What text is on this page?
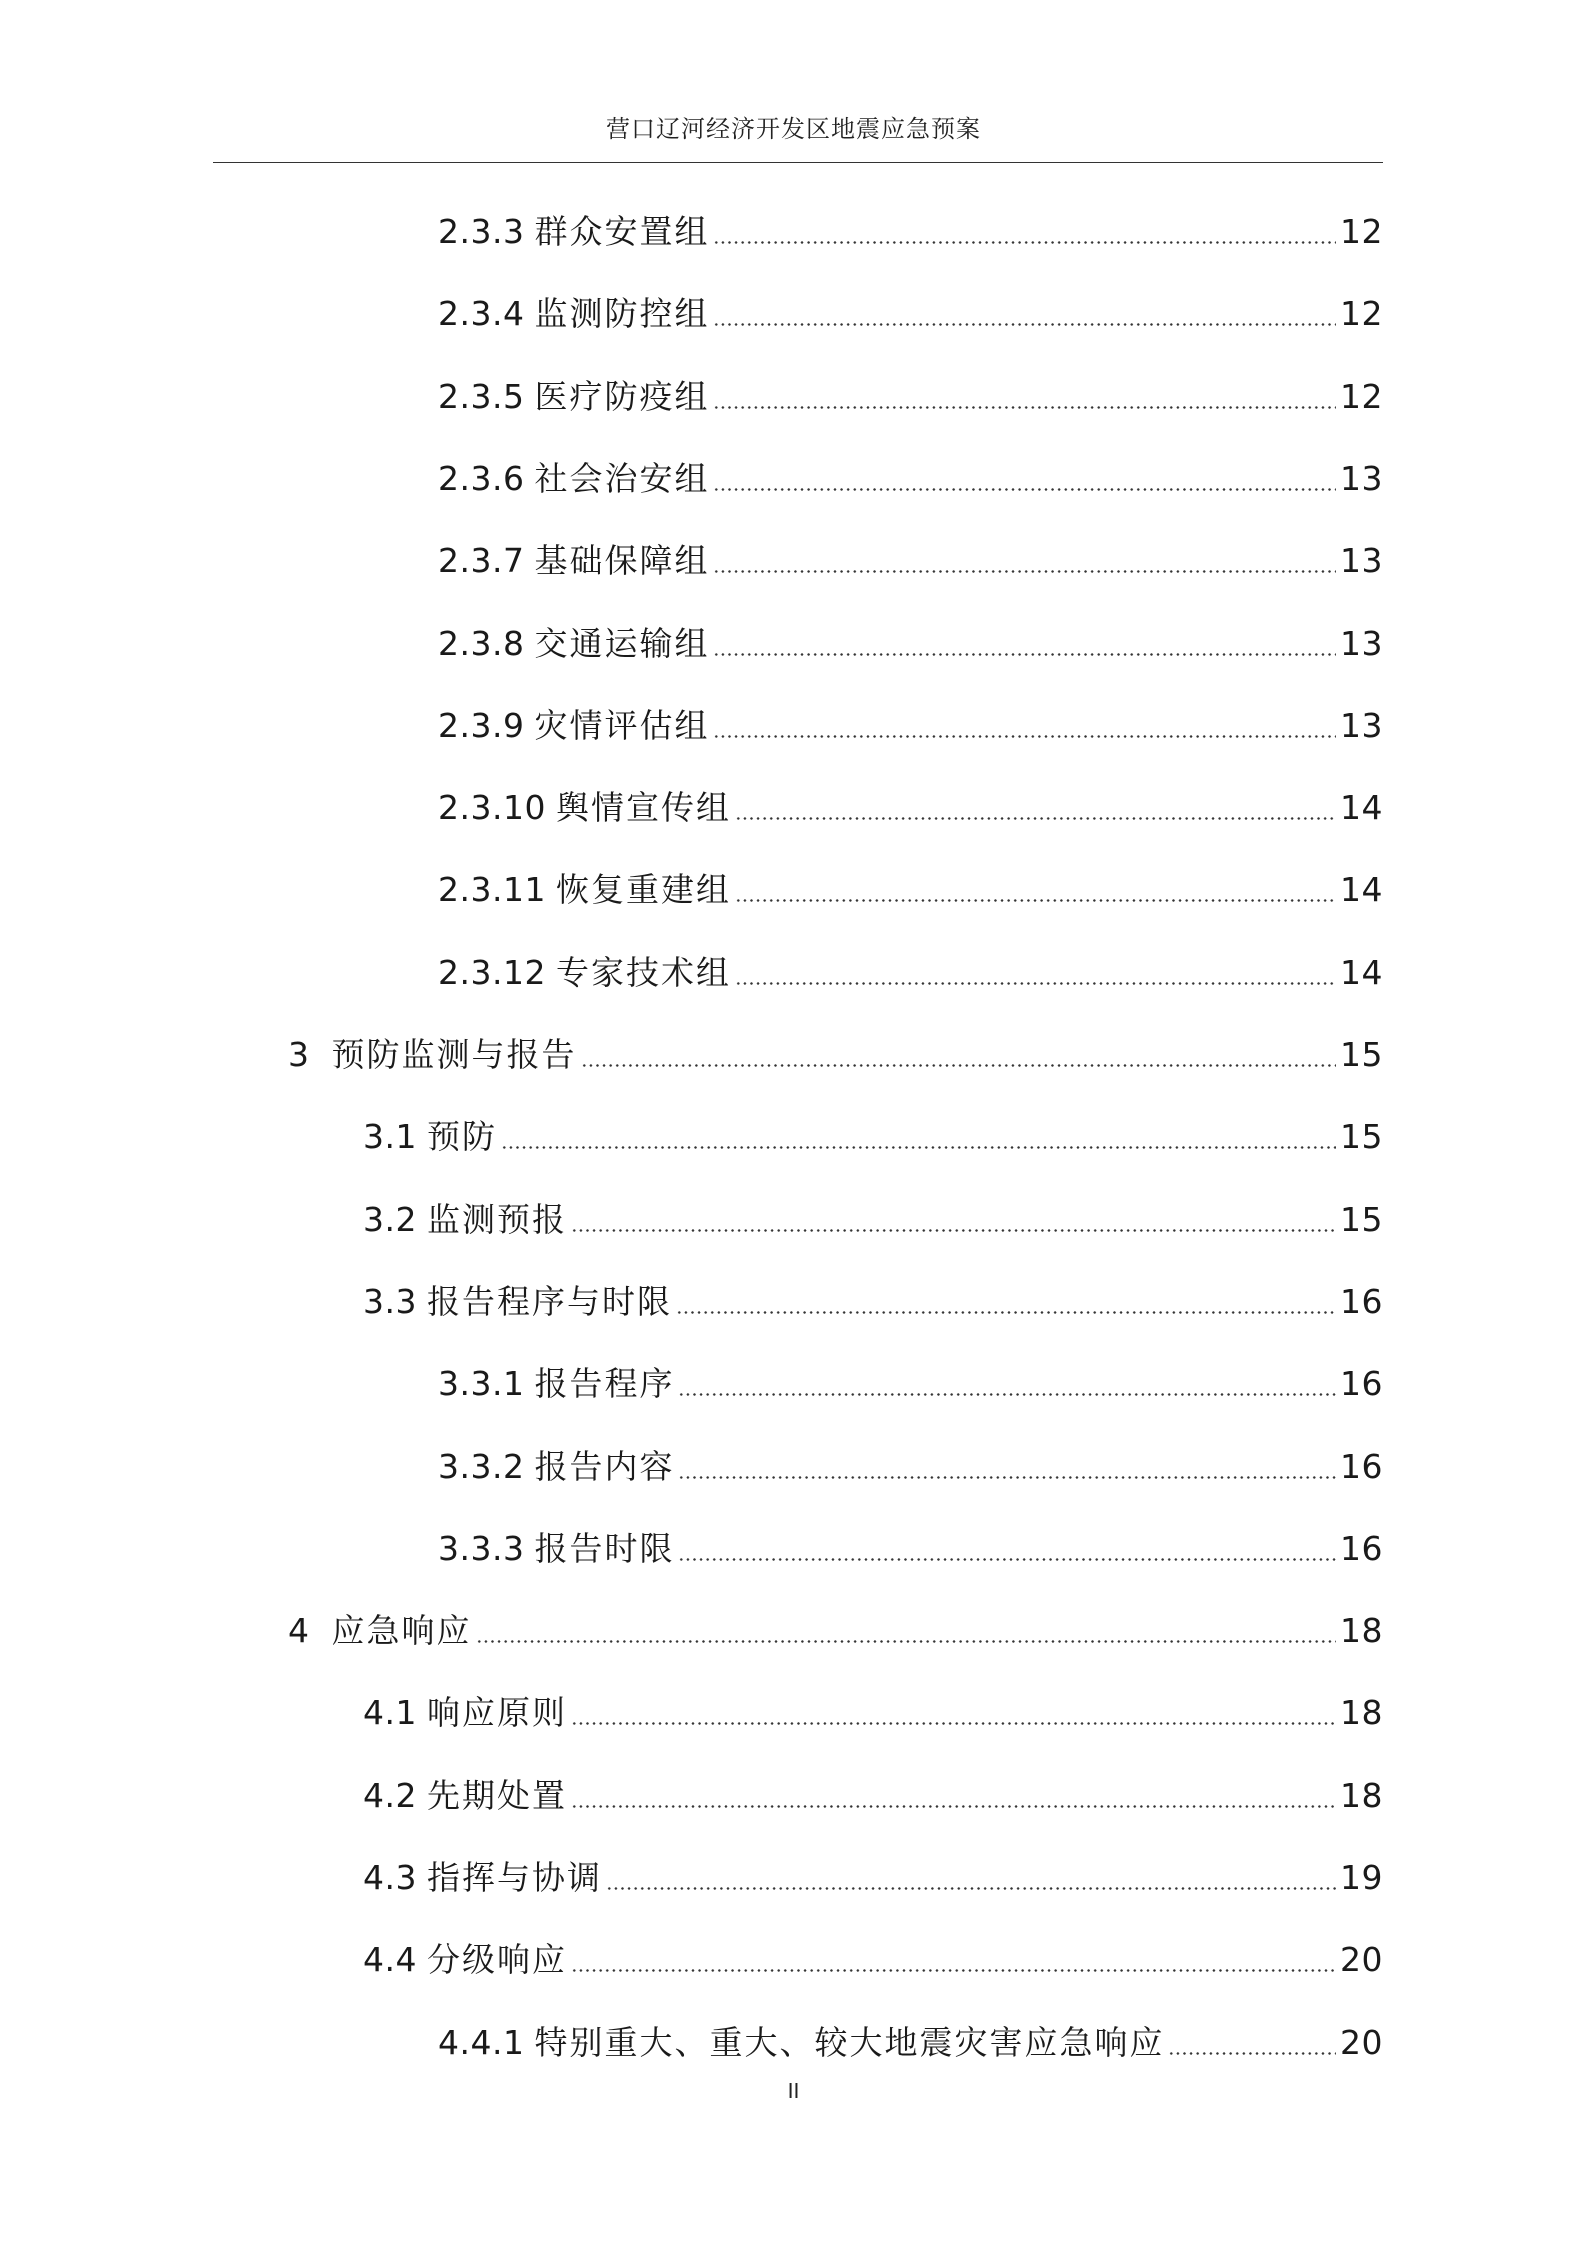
营口辽河经济开发区地震应急预案
2.3.3 群众安置组	12
2.3.4 监测防控组	12
2.3.5 医疗防疫组	12
2.3.6 社会治安组	13
2.3.7 基础保障组	13
2.3.8 交通运输组	13
2.3.9 灾情评估组	13
2.3.10 舆情宣传组	14
2.3.11 恢复重建组	14
2.3.12 专家技术组	14
3 预防监测与报告	15
3.1 预防	15
3.2 监测预报	15
3.3 报告程序与时限	16
3.3.1 报告程序	16
3.3.2 报告内容	16
3.3.3 报告时限	16
4 应急响应	18
4.1 响应原则	18
4.2 先期处置	18
4.3 指挥与协调	19
4.4 分级响应	20
4.4.1 特别重大、重大、较大地震灾害应急响应	20
II
